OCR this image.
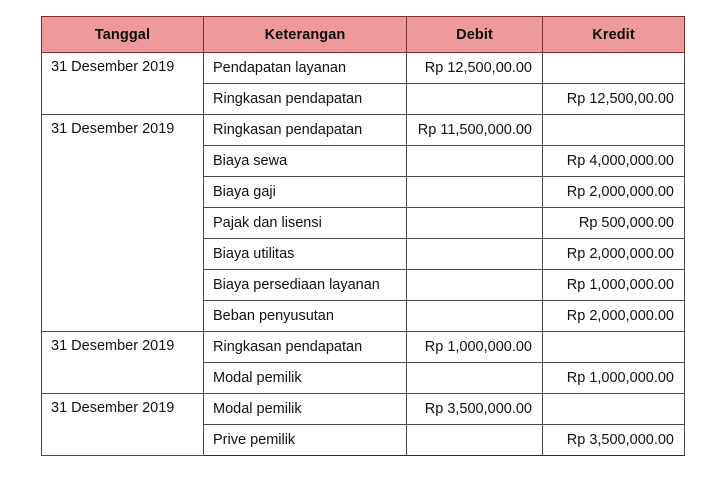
Tanggal	Keterangan	Debit	Kredit
31 Desember 2019	Pendapatan layanan	Rp 12,500,00.00	
	Ringkasan pendapatan		Rp 12,500,00.00
31 Desember 2019	Ringkasan pendapatan	Rp 11,500,000.00	
	Biaya sewa		Rp 4,000,000.00
	Biaya gaji		Rp 2,000,000.00
	Pajak dan lisensi		Rp 500,000.00
	Biaya utilitas		Rp 2,000,000.00
	Biaya persediaan layanan		Rp 1,000,000.00
	Beban penyusutan		Rp 2,000,000.00
31 Desember 2019	Ringkasan pendapatan	Rp 1,000,000.00	
	Modal pemilik		Rp 1,000,000.00
31 Desember 2019	Modal pemilik	Rp 3,500,000.00	
	Prive pemilik		Rp 3,500,000.00
